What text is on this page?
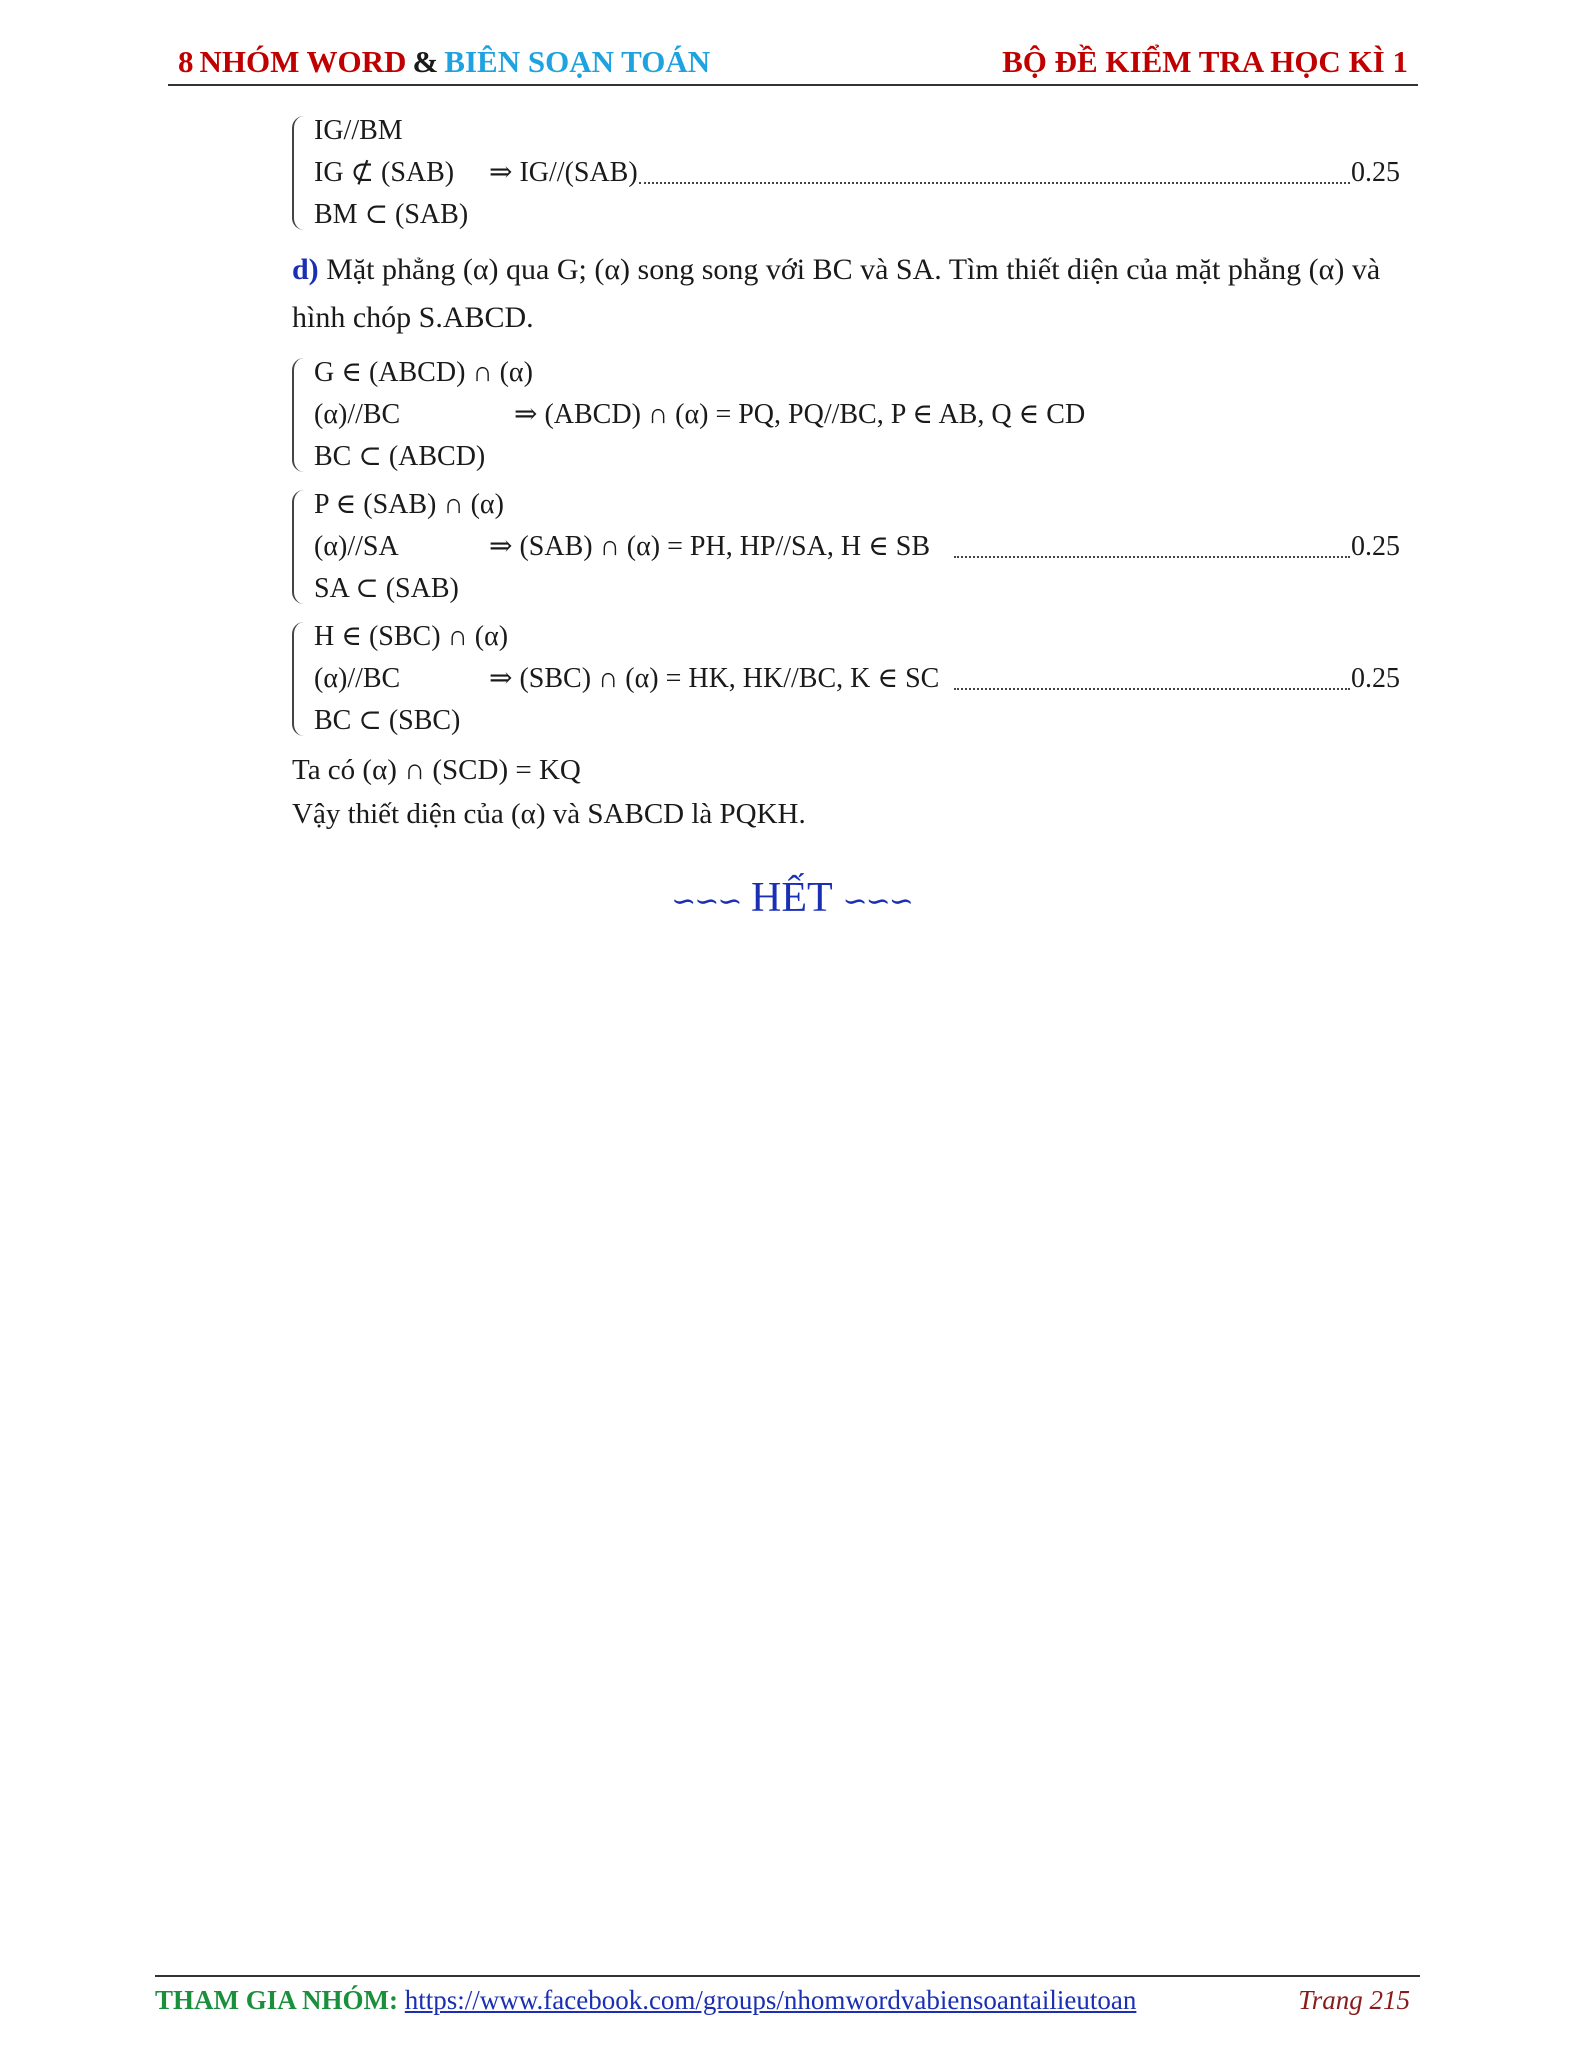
8 NHÓM WORD & BIÊN SOẠN TOÁN	BỘ ĐỀ KIỂM TRA HỌC KÌ 1
IG//BM
IG ⊄ (SAB) ⇒ IG//(SAB)	0.25
BM ⊂ (SAB)
d) Mặt phẳng (α) qua G; (α) song song với BC và SA. Tìm thiết diện của mặt phẳng (α) và hình chóp S.ABCD.
G ∈ (ABCD) ∩ (α)
(α)//BC	⇒ (ABCD) ∩ (α) = PQ, PQ//BC, P ∈ AB, Q ∈ CD
BC ⊂ (ABCD)
P ∈ (SAB) ∩ (α)
(α)//SA	⇒ (SAB) ∩ (α) = PH, HP//SA, H ∈ SB	0.25
SA ⊂ (SAB)
H ∈ (SBC) ∩ (α)
(α)//BC	⇒ (SBC) ∩ (α) = HK, HK//BC, K ∈ SC	0.25
BC ⊂ (SBC)
Ta có (α) ∩ (SCD) = KQ
Vậy thiết diện của (α) và SABCD là PQKH.
∽∽∽ HẾT ∽∽∽
THAM GIA NHÓM: https://www.facebook.com/groups/nhomwordvabiensoantailieutoan	Trang 215
